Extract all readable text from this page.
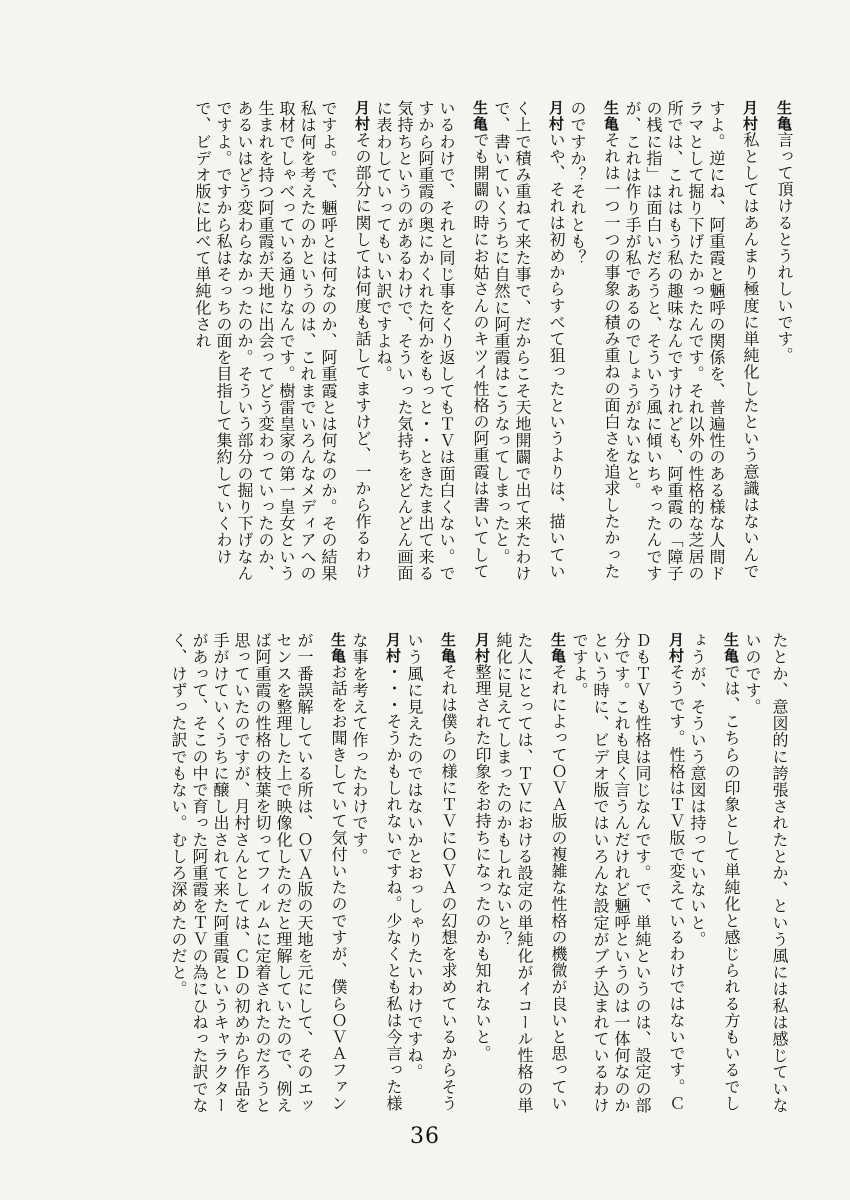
生亀言って頂けるとうれしいです。

月村私としてはあんまり極度に単純化したという意識はないんですよ。逆にね、阿重霞と魎呼の関係を、普遍性のある様な人間ドラマとして掘り下げたかったんです。それ以外の性格的な芝居の所では、これはもう私の趣味なんですけれども、阿重霞の「障子の桟に指」は面白いだろうと、そういう風に傾いちゃったんですが、これは作り手が私であるのでしょうがないなと。

生亀それは一つ一つの事象の積み重ねの面白さを追求したかったのですか？それとも？

月村いや、それは初めからすべて狙ったというよりは、描いていく上で積み重ねて来た事で、だからこそ天地開闢で出て来たわけで、書いていくうちに自然に阿重霞はこうなってしまったと。

生亀でも開闢の時にお姑さんのキツイ性格の阿重霞は書いてしているわけで、それと同じ事をくり返してもＴＶは面白くない。ですから阿重霞の奥にかくれた何かをもっと・・ときたま出て来る気持ちというのがあるわけで、そういった気持ちをどんどん画面に表わしていってもいい訳ですよね。

月村その部分に関しては何度も話してますけど、一から作るわけですよ。で、魎呼とは何なのか、阿重霞とは何なのか。その結果私は何を考えたのかというのは、これまでいろんなメディアへの取材でしゃべっている通りなんです。樹雷皇家の第一皇女という生まれを持つ阿重霞が天地に出会ってどう変わっていったのか、あるいはどう変わらなかったのか。そういう部分の掘り下げなんですよ。ですから私はそっちの面を目指して集約していくわけで、ビデオ版に比べて単純化され

たとか、意図的に誇張されたとか、という風には私は感じていないのです。

生亀では、こちらの印象として単純化と感じられる方もいるでしょうが、そういう意図は持っていないと。

月村そうです。性格はＴＶ版で変えているわけではないです。ＣＤもＴＶも性格は同じなんです。で、単純というのは、設定の部分です。これも良く言うんだけれど魎呼というのは一体何なのかという時に、ビデオ版ではいろんな設定がブチ込まれているわけですよ。

生亀それによってＯＶＡ版の複雑な性格の機微が良いと思っていた人にとっては、ＴＶにおける設定の単純化がイコール性格の単純化に見えてしまったのかもしれないと？

月村整理された印象をお持ちになったのかも知れないと。

生亀それは僕らの様にＴＶにＯＶＡの幻想を求めているからそういう風に見えたのではないかとおっしゃりたいわけですね。

月村・・・そうかもしれないですね。少なくとも私は今言った様な事を考えて作ったわけです。

生亀お話をお聞きしていて気付いたのですが、僕らＯＶＡファンが一番誤解している所は、ＯＶＡ版の天地を元にして、そのエッセンスを整理した上で映像化したのだと理解していたので、例えば阿重霞の性格の枝葉を切ってフィルムに定着されたのだろうと思っていたのですが、月村さんとしては、ＣＤの初めから作品を手がけていくうちに醸し出されて来た阿重霞というキャラクターがあって、そこの中で育った阿重霞をＴＶの為にひねった訳でなく、けずった訳でもない。むしろ深めたのだと。

36
